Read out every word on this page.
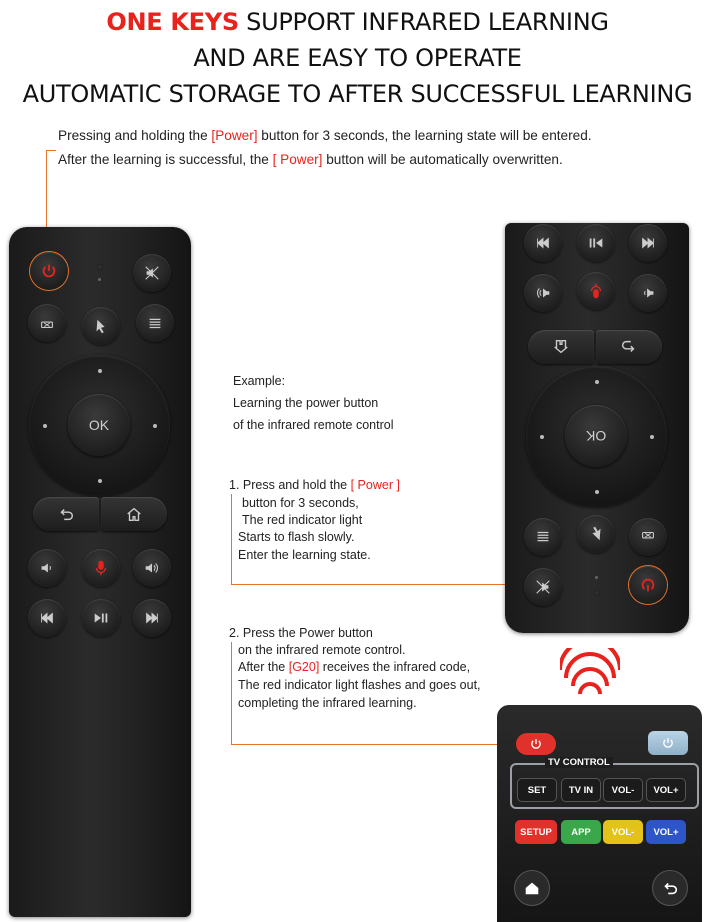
ONE KEYS SUPPORT INFRARED LEARNING
AND ARE EASY TO OPERATE
AUTOMATIC STORAGE TO AFTER SUCCESSFUL LEARNING
Pressing and holding the [Power] button for 3 seconds, the learning state will be entered.
After the learning is successful, the [ Power] button will be automatically overwritten.
OK
Example:
Learning the power button
of the infrared remote control
1. Press and hold the [ Power ]
button for 3 seconds,
The red indicator light
Starts to flash slowly.
Enter the learning state.
2. Press the Power button
on the infrared remote control.
After the [G20] receives the infrared code,
The red indicator light flashes and goes out,
completing the infrared learning.
OK
TV CONTROL
SET	TV IN	VOL-	VOL+
SETUP	APP	VOL-	VOL+
